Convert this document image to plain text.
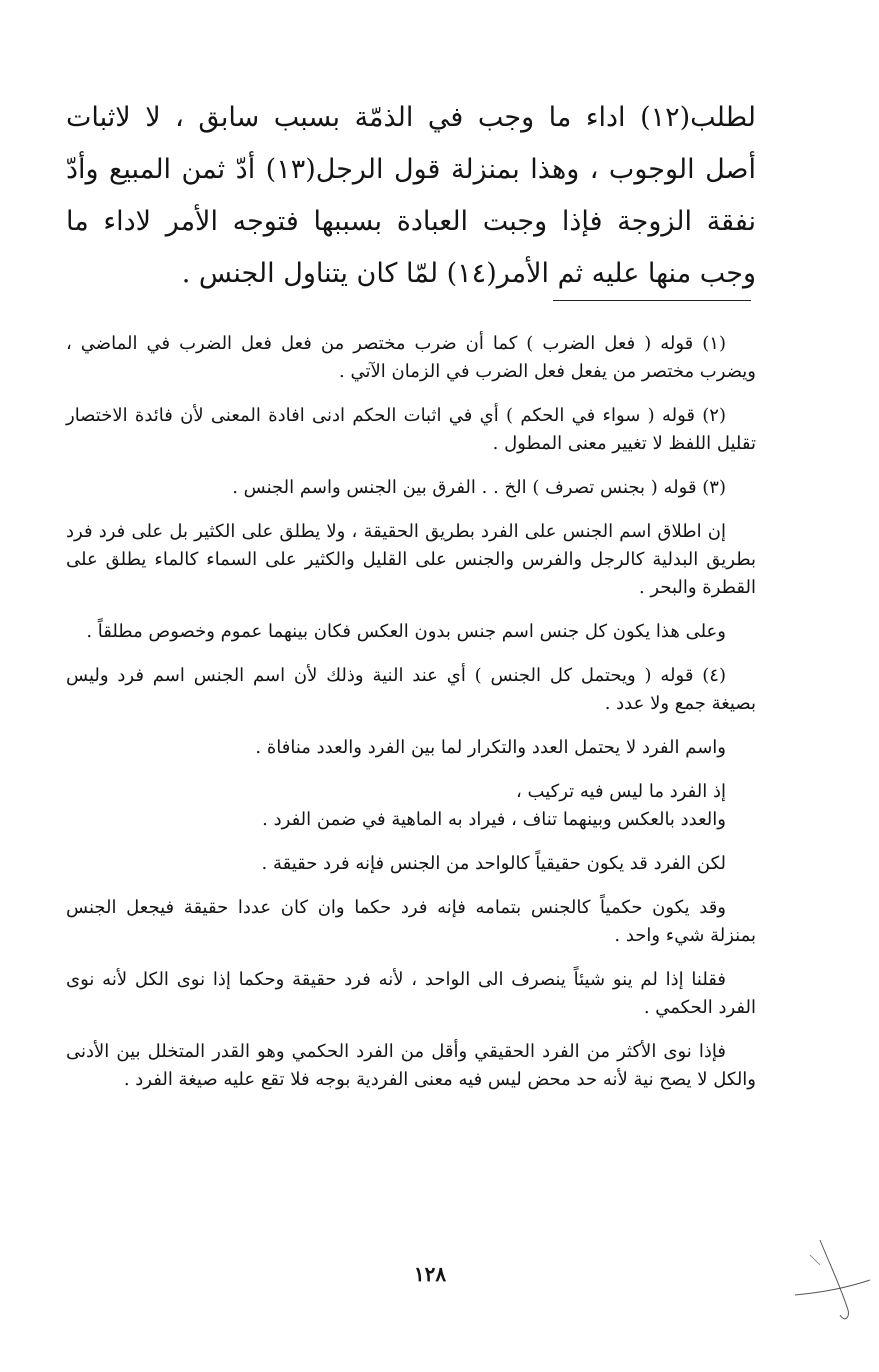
لطلب(١٢) اداء ما وجب في الذمّة بسبب سابق ، لا لاثبات أصل الوجوب ، وهذا بمنزلة قول الرجل(١٣) أدّ ثمن المبيع وأدّ نفقة الزوجة فإذا وجبت العبادة بسببها فتوجه الأمر لاداء ما وجب منها عليه ثم الأمر(١٤) لمّا كان يتناول الجنس .

(١) قوله ( فعل الضرب ) كما أن ضرب مختصر من فعل فعل الضرب في الماضي ، ويضرب مختصر من يفعل فعل الضرب في الزمان الآتي .

(٢) قوله ( سواء في الحكم ) أي في اثبات الحكم ادنى افادة المعنى لأن فائدة الاختصار تقليل اللفظ لا تغيير معنى المطول .

(٣) قوله ( بجنس تصرف ) الخ . . الفرق بين الجنس واسم الجنس .

إن اطلاق اسم الجنس على الفرد بطريق الحقيقة ، ولا يطلق على الكثير بل على فرد فرد بطريق البدلية كالرجل والفرس والجنس على القليل والكثير على السماء كالماء يطلق على القطرة والبحر .

وعلى هذا يكون كل جنس اسم جنس بدون العكس فكان بينهما عموم وخصوص مطلقاً .

(٤) قوله ( ويحتمل كل الجنس ) أي عند النية وذلك لأن اسم الجنس اسم فرد وليس بصيغة جمع ولا عدد .

واسم الفرد لا يحتمل العدد والتكرار لما بين الفرد والعدد منافاة .

إذ الفرد ما ليس فيه تركيب ،

والعدد بالعكس وبينهما تناف ، فيراد به الماهية في ضمن الفرد .

لكن الفرد قد يكون حقيقياً كالواحد من الجنس فإنه فرد حقيقة .

وقد يكون حكمياً كالجنس بتمامه فإنه فرد حكما وان كان عددا حقيقة فيجعل الجنس بمنزلة شيء واحد .

فقلنا إذا لم ينو شيئاً ينصرف الى الواحد ، لأنه فرد حقيقة وحكما إذا نوى الكل لأنه نوى الفرد الحكمي .

فإذا نوى الأكثر من الفرد الحقيقي وأقل من الفرد الحكمي وهو القدر المتخلل بين الأدنى والكل لا يصح نية لأنه حد محض ليس فيه معنى الفردية بوجه فلا تقع عليه صيغة الفرد .

١٢٨
